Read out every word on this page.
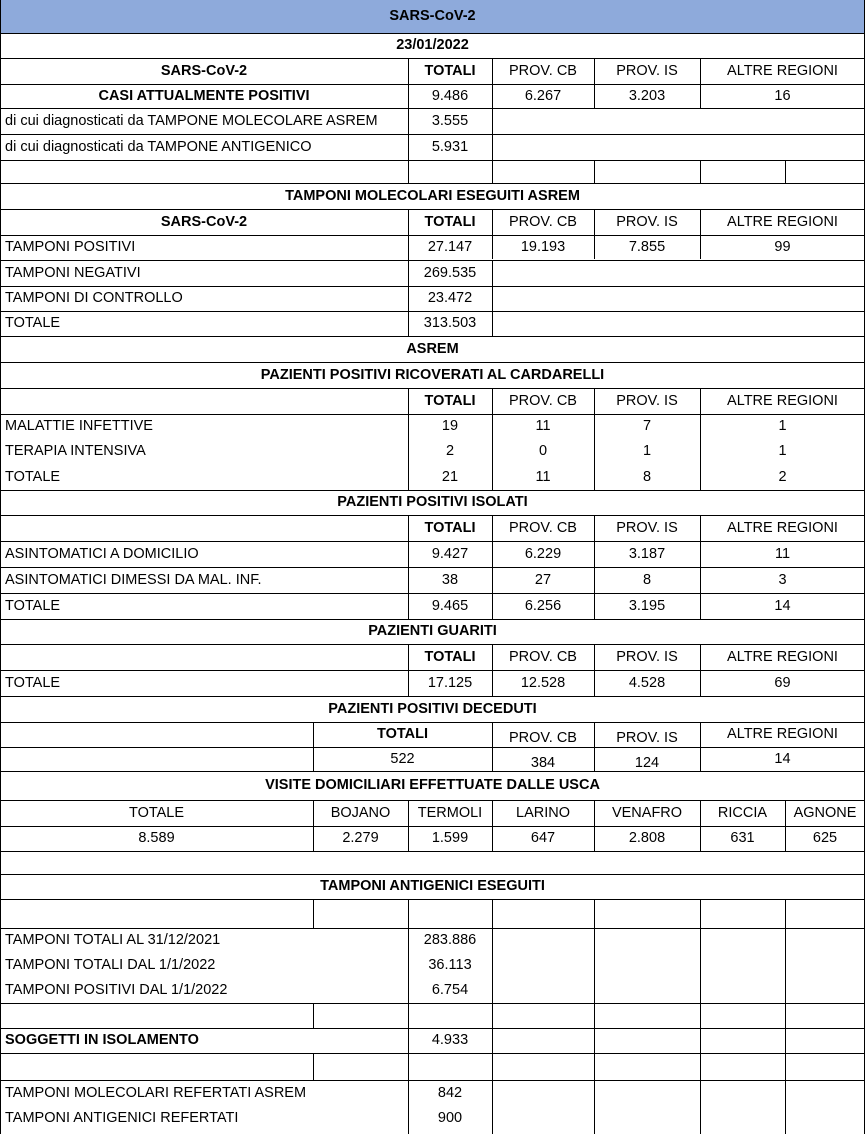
SARS-CoV-2
23/01/2022
SARS-CoV-2	TOTALI	PROV. CB	PROV. IS	ALTRE REGIONI
CASI ATTUALMENTE POSITIVI	9.486	6.267	3.203	16
di cui diagnosticati da TAMPONE MOLECOLARE ASREM	3.555
di cui diagnosticati da TAMPONE ANTIGENICO	5.931
TAMPONI MOLECOLARI ESEGUITI ASREM
SARS-CoV-2	TOTALI	PROV. CB	PROV. IS	ALTRE REGIONI
TAMPONI POSITIVI	27.147	19.193	7.855	99
TAMPONI NEGATIVI	269.535
TAMPONI DI CONTROLLO	23.472
TOTALE	313.503
ASREM
PAZIENTI POSITIVI RICOVERATI AL CARDARELLI
TOTALI	PROV. CB	PROV. IS	ALTRE REGIONI
MALATTIE INFETTIVE	19	11	7	1
TERAPIA INTENSIVA	2	0	1	1
TOTALE	21	11	8	2
PAZIENTI POSITIVI ISOLATI
TOTALI	PROV. CB	PROV. IS	ALTRE REGIONI
ASINTOMATICI A DOMICILIO	9.427	6.229	3.187	11
ASINTOMATICI DIMESSI DA MAL. INF.	38	27	8	3
TOTALE	9.465	6.256	3.195	14
PAZIENTI GUARITI
TOTALI	PROV. CB	PROV. IS	ALTRE REGIONI
TOTALE	17.125	12.528	4.528	69
PAZIENTI POSITIVI DECEDUTI
TOTALI	PROV. CB	PROV. IS	ALTRE REGIONI
522	384	124	14
VISITE DOMICILIARI EFFETTUATE DALLE USCA
TOTALE	BOJANO	TERMOLI	LARINO	VENAFRO	RICCIA	AGNONE
8.589	2.279	1.599	647	2.808	631	625
TAMPONI ANTIGENICI ESEGUITI
TAMPONI TOTALI AL 31/12/2021	283.886
TAMPONI TOTALI DAL 1/1/2022	36.113
TAMPONI POSITIVI DAL 1/1/2022	6.754
SOGGETTI IN ISOLAMENTO	4.933
TAMPONI MOLECOLARI REFERTATI ASREM	842
TAMPONI ANTIGENICI REFERTATI	900
